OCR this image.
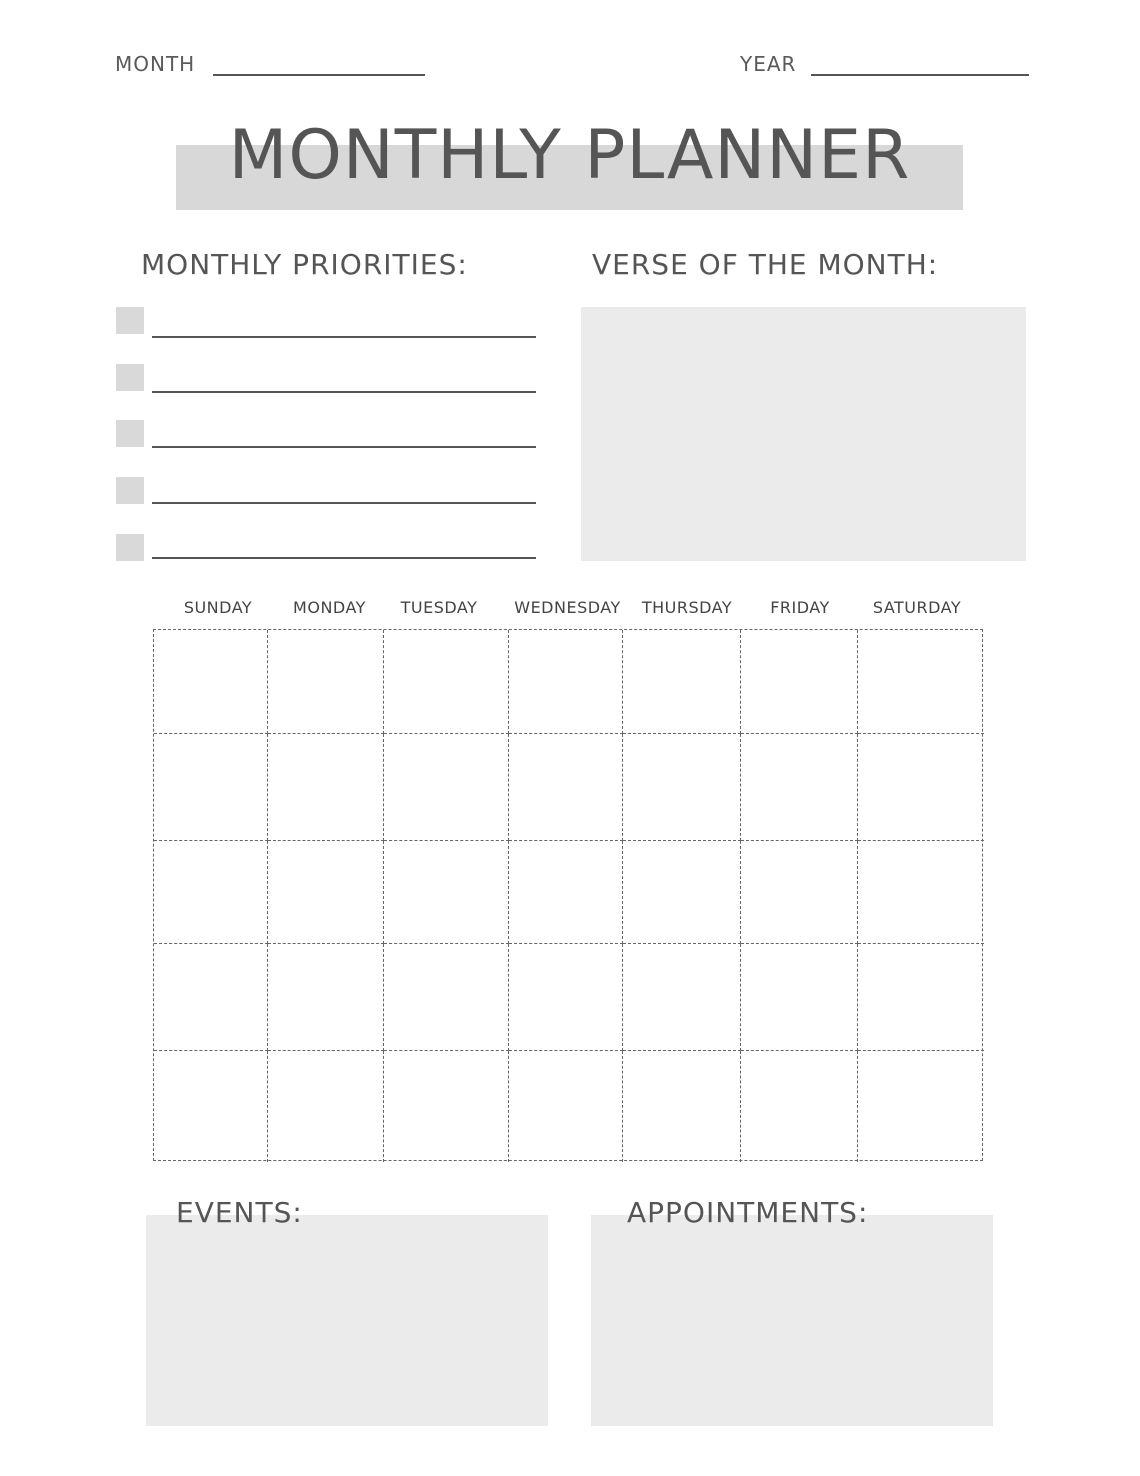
MONTH	YEAR
MONTHLY PLANNER
MONTHLY PRIORITIES:	VERSE OF THE MONTH:
SUNDAY	MONDAY	TUESDAY	WEDNESDAY	THURSDAY	FRIDAY	SATURDAY
EVENTS:	APPOINTMENTS:
